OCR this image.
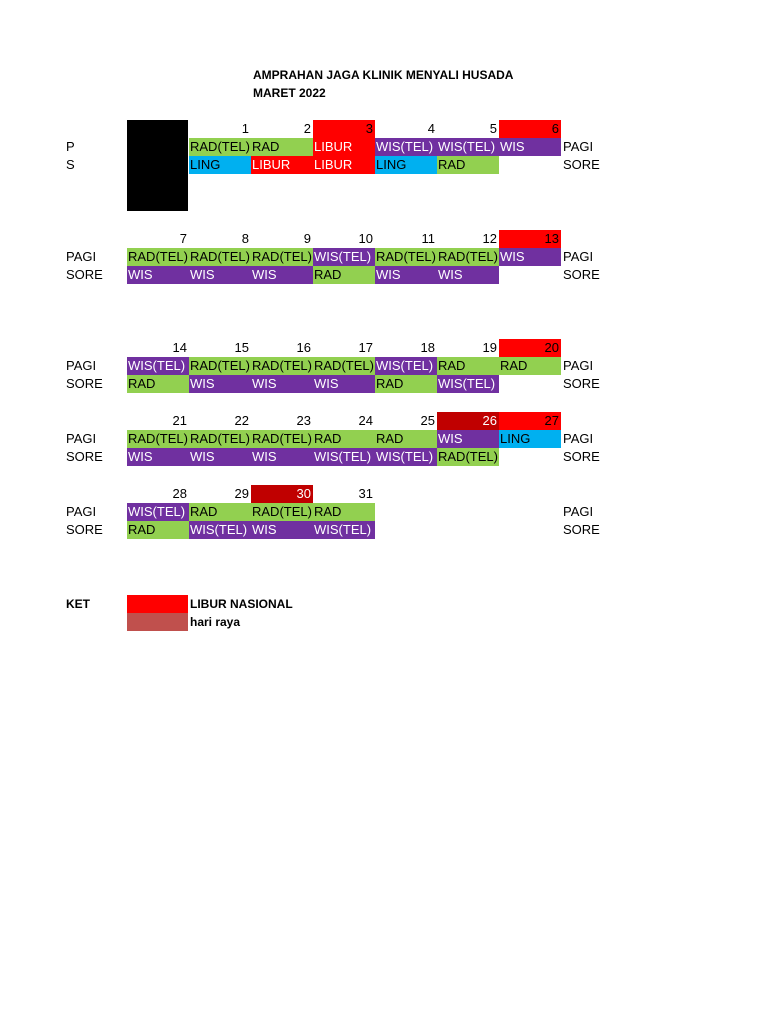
AMPRAHAN JAGA KLINIK MENYALI HUSADA
MARET 2022
P
S
PAGI
SORE
1
RAD(TEL)
LING
2
RAD
LIBUR
3
LIBUR
LIBUR
4
WIS(TEL)
LING
5
WIS(TEL)
RAD
6
WIS
PAGI
SORE
PAGI
SORE
7
RAD(TEL)
WIS
8
RAD(TEL)
WIS
9
RAD(TEL)
WIS
10
WIS(TEL)
RAD
11
RAD(TEL)
WIS
12
RAD(TEL)
WIS
13
WIS
PAGI
SORE
PAGI
SORE
14
WIS(TEL)
RAD
15
RAD(TEL)
WIS
16
RAD(TEL)
WIS
17
RAD(TEL)
WIS
18
WIS(TEL)
RAD
19
RAD
WIS(TEL)
20
RAD
PAGI
SORE
PAGI
SORE
21
RAD(TEL)
WIS
22
RAD(TEL)
WIS
23
RAD(TEL)
WIS
24
RAD
WIS(TEL)
25
RAD
WIS(TEL)
26
WIS
RAD(TEL)
27
LING
PAGI
SORE
PAGI
SORE
28
WIS(TEL)
RAD
29
RAD
WIS(TEL)
30
RAD(TEL)
WIS
31
RAD
WIS(TEL)
KET	LIBUR NASIONAL
hari raya
